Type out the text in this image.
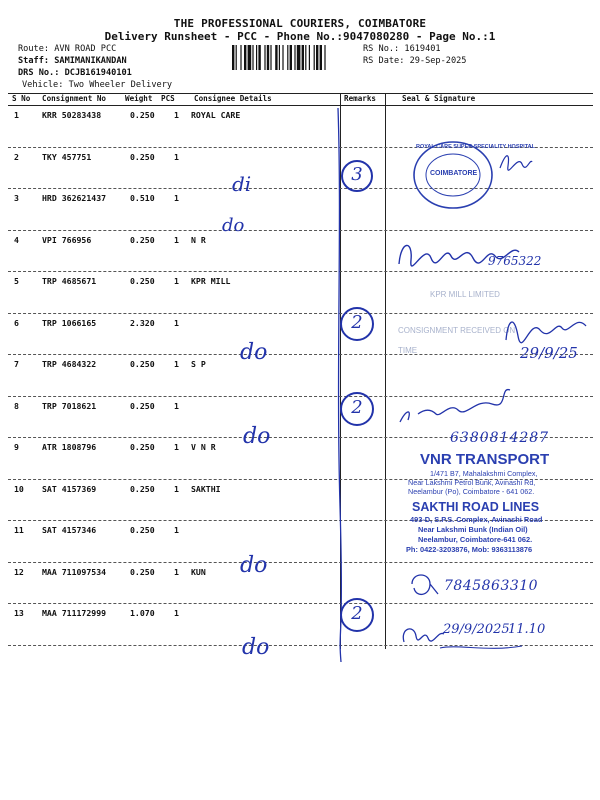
THE PROFESSIONAL COURIERS, COIMBATORE
Delivery Runsheet - PCC - Phone No.:9047080280 - Page No.:1
Route: AVN ROAD PCC
Staff: SAMIMANIKANDAN
DRS No.: DCJB161940101
Vehicle: Two Wheeler Delivery
RS No.: 1619401
RS Date: 29-Sep-2025
S No Consignment No Weight PCS	Consignee Details	Remarks	Seal & Signature
1	KRR 50283438	0.250 1 ROYAL CARE
2	TKY 457751	0.250 1
3	HRD 362621437	0.510 1
4	VPI 766956	0.250 1 N R
5	TRP 4685671	0.250 1 KPR MILL
6	TRP 1066165	2.320 1
7	TRP 4684322	0.250 1 S P
8	TRP 7018621	0.250 1
9	ATR 1808796	0.250 1 V N R
10 SAT 4157369	0.250 1 SAKTHI
11 SAT 4157346	0.250 1
12 MAA 711097534	0.250 1 KUN
13 MAA 711172999	1.070 1
di
do
do
do
do
do
3
2
2
2
ROYAL CARE SUPER SPECIALITY HOSPITAL
COIMBATORE
9765322
KPR MILL LIMITED
CONSIGNMENT RECEIVED ON
TIME	29/9/25
6380814287
VNR TRANSPORT
1/471 B7, Mahalakshmi Complex,
Near Lakshmi Petrol Bunk, Avinashi Rd,
Neelambur (Po), Coimbatore - 641 062.
SAKTHI ROAD LINES
493-D, S.P.S. Complex, Avinashi Road
Near Lakshmi Bunk (Indian Oil)
Neelambur, Coimbatore-641 062.
Ph: 0422-3203876, Mob: 9363113876
7845863310
29/9/2025
11.10
